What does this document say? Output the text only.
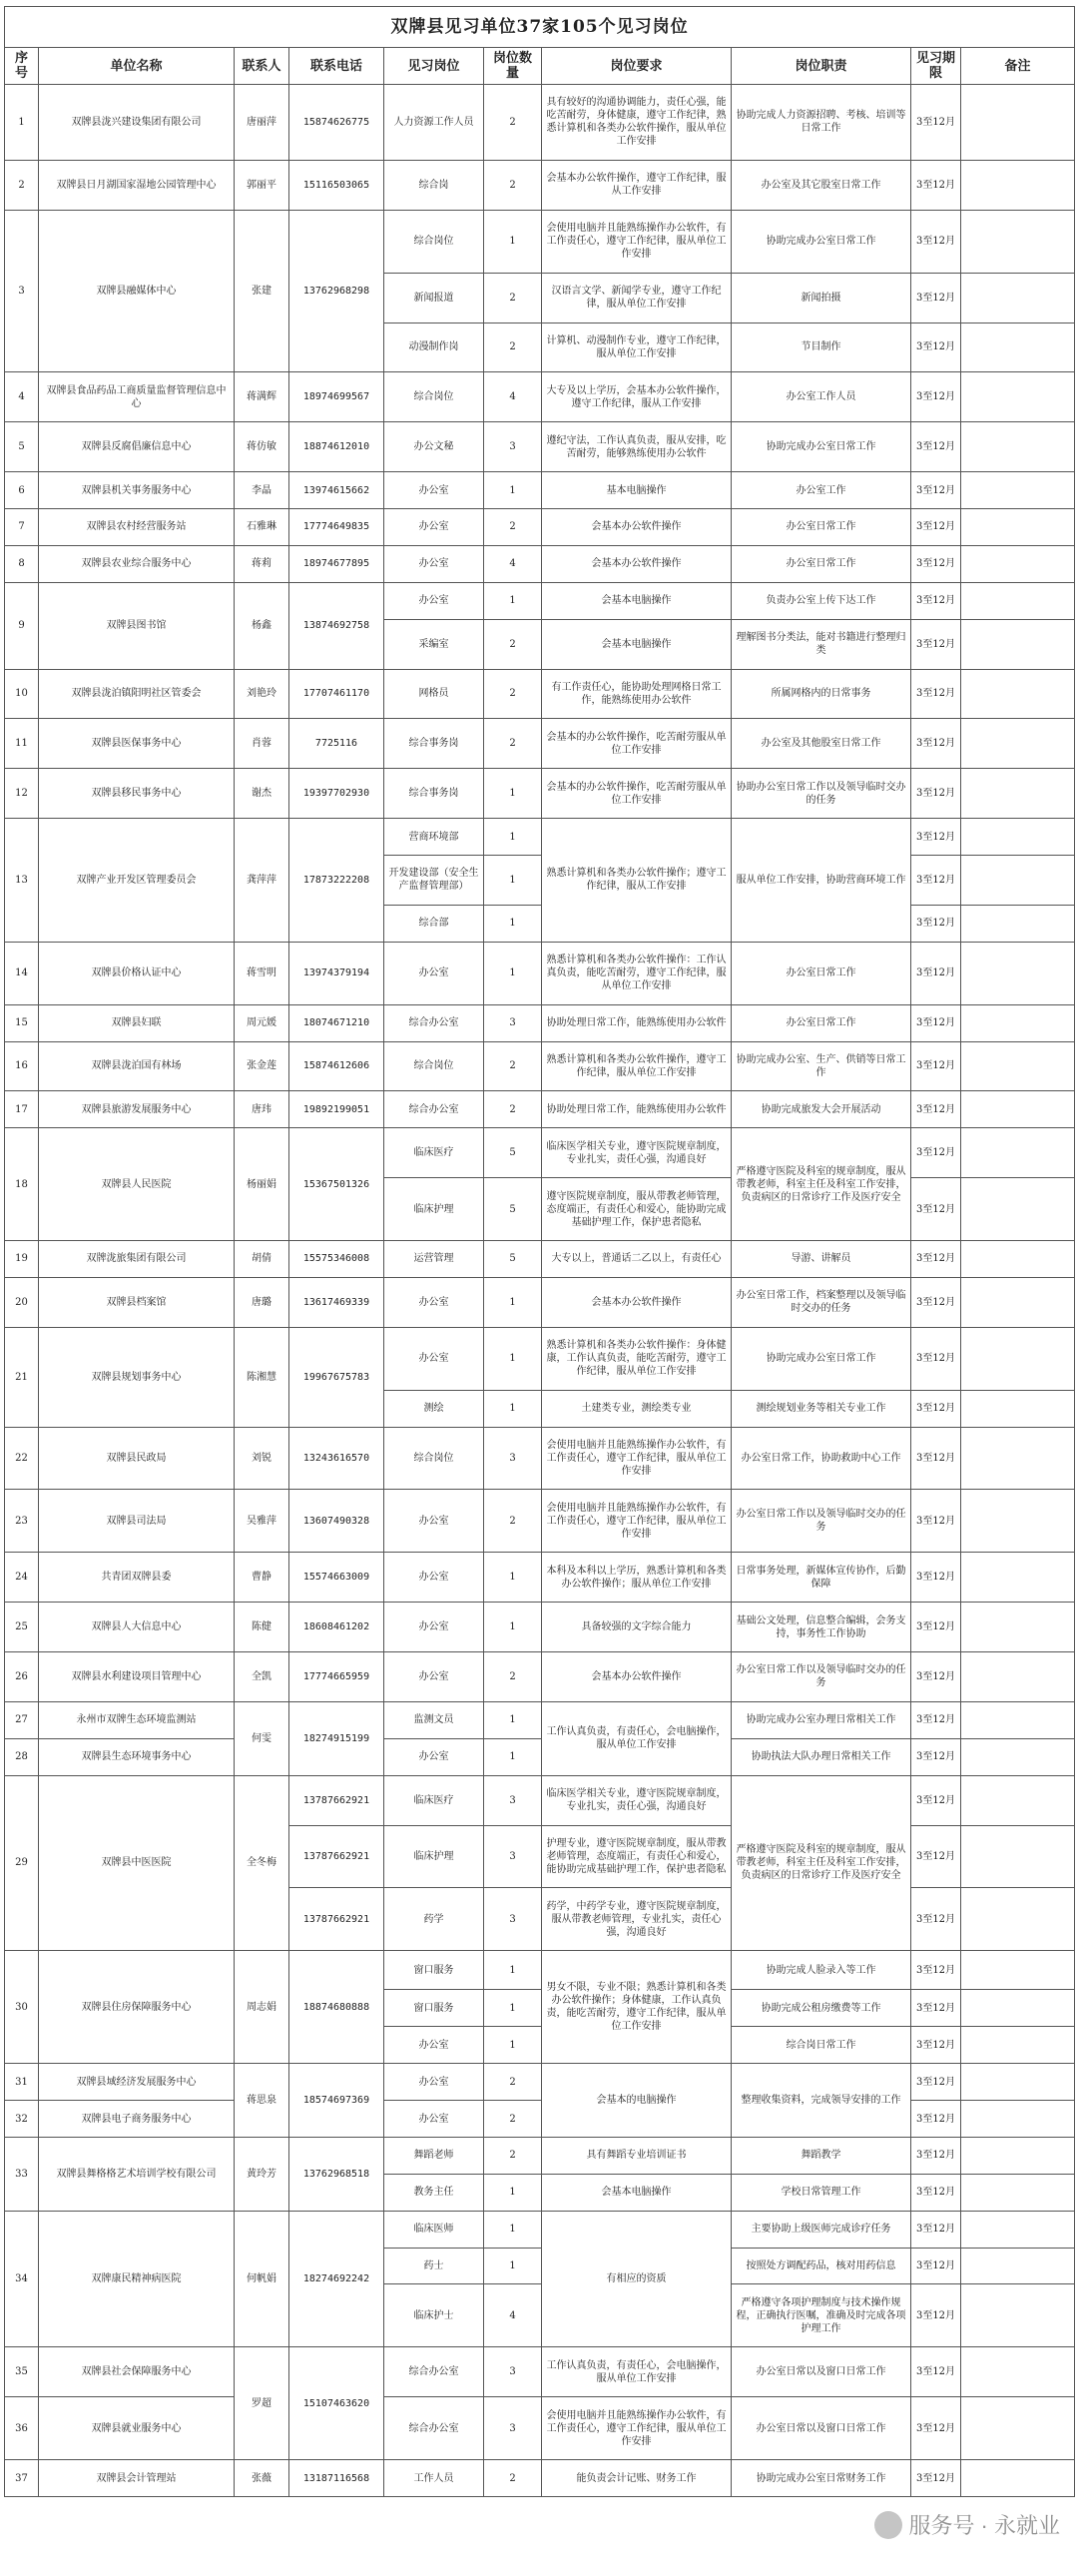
双牌县见习单位37家105个见习岗位									
序号	单位名称	联系人	联系电话	见习岗位	岗位数量	岗位要求	岗位职责	见习期限	备注
1	双牌县泷兴建设集团有限公司	唐丽萍	15874626775	人力资源工作人员	2	具有较好的沟通协调能力，责任心强，能吃苦耐劳，身体健康，遵守工作纪律，熟悉计算机和各类办公软件操作，服从单位工作安排	协助完成人力资源招聘、考核、培训等日常工作	3至12月	
2	双牌县日月湖国家湿地公园管理中心	郭丽平	15116503065	综合岗	2	会基本办公软件操作，遵守工作纪律，服从工作安排	办公室及其它股室日常工作	3至12月	
3	双牌县融媒体中心	张建	13762968298	综合岗位	1	会使用电脑并且能熟练操作办公软件，有工作责任心，遵守工作纪律，服从单位工作安排	协助完成办公室日常工作	3至12月	
				新闻报道	2	汉语言文学、新闻学专业，遵守工作纪律，服从单位工作安排	新闻拍摄	3至12月	
				动漫制作岗	2	计算机、动漫制作专业，遵守工作纪律，服从单位工作安排	节目制作	3至12月	
4	双牌县食品药品工商质量监督管理信息中心	蒋满辉	18974699567	综合岗位	4	大专及以上学历，会基本办公软件操作，遵守工作纪律，服从工作安排	办公室工作人员	3至12月	
5	双牌县反腐倡廉信息中心	蒋仿敏	18874612010	办公文秘	3	遵纪守法，工作认真负责，服从安排，吃苦耐劳，能够熟练使用办公软件	协助完成办公室日常工作	3至12月	
6	双牌县机关事务服务中心	李晶	13974615662	办公室	1	基本电脑操作	办公室工作	3至12月	
7	双牌县农村经营服务站	石雅琳	17774649835	办公室	2	会基本办公软件操作	办公室日常工作	3至12月	
8	双牌县农业综合服务中心	蒋莉	18974677895	办公室	4	会基本办公软件操作	办公室日常工作	3至12月	
9	双牌县图书馆	杨鑫	13874692758	办公室	1	会基本电脑操作	负责办公室上传下达工作	3至12月	
				采编室	2	会基本电脑操作	理解图书分类法，能对书籍进行整理归类	3至12月	
10	双牌县泷泊镇阳明社区管委会	刘艳玲	17707461170	网格员	2	有工作责任心，能协助处理网格日常工作，能熟练使用办公软件	所属网格内的日常事务	3至12月	
11	双牌县医保事务中心	肖蓉	7725116	综合事务岗	2	会基本的办公软件操作，吃苦耐劳服从单位工作安排	办公室及其他股室日常工作	3至12月	
12	双牌县移民事务中心	谢杰	19397702930	综合事务岗	1	会基本的办公软件操作，吃苦耐劳服从单位工作安排	协助办公室日常工作以及领导临时交办的任务	3至12月	
13	双牌产业开发区管理委员会	龚萍萍	17873222208	营商环境部	1	熟悉计算机和各类办公软件操作；遵守工作纪律，服从工作安排	服从单位工作安排，协助营商环境工作	3至12月	
				开发建设部（安全生产监督管理部）	1			3至12月	
				综合部	1			3至12月	
14	双牌县价格认证中心	蒋雪明	13974379194	办公室	1	熟悉计算机和各类办公软件操作：工作认真负责，能吃苦耐劳，遵守工作纪律，服从单位工作安排	办公室日常工作	3至12月	
15	双牌县妇联	周元媛	18074671210	综合办公室	3	协助处理日常工作，能熟练使用办公软件	办公室日常工作	3至12月	
16	双牌县泷泊国有林场	张金莲	15874612606	综合岗位	2	熟悉计算机和各类办公软件操作，遵守工作纪律，服从单位工作安排	协助完成办公室、生产、供销等日常工作	3至12月	
17	双牌县旅游发展服务中心	唐玮	19892199051	综合办公室	2	协助处理日常工作，能熟练使用办公软件	协助完成旅发大会开展活动	3至12月	
18	双牌县人民医院	杨丽娟	15367501326	临床医疗	5	临床医学相关专业，遵守医院规章制度，专业扎实，责任心强，沟通良好	严格遵守医院及科室的规章制度，服从带教老师，科室主任及科室工作安排，负责病区的日常诊疗工作及医疗安全	3至12月	
				临床护理	5	遵守医院规章制度，服从带教老师管理，态度端正，有责任心和爱心，能协助完成基础护理工作，保护患者隐私		3至12月	
19	双牌泷旅集团有限公司	胡倩	15575346008	运营管理	5	大专以上，普通话二乙以上，有责任心	导游、讲解员	3至12月	
20	双牌县档案馆	唐璐	13617469339	办公室	1	会基本办公软件操作	办公室日常工作，档案整理以及领导临时交办的任务	3至12月	
21	双牌县规划事务中心	陈湘慧	19967675783	办公室	1	熟悉计算机和各类办公软件操作：身体健康，工作认真负责，能吃苦耐劳，遵守工作纪律，服从单位工作安排	协助完成办公室日常工作	3至12月	
				测绘	1	土建类专业，测绘类专业	测绘规划业务等相关专业工作	3至12月	
22	双牌县民政局	刘锐	13243616570	综合岗位	3	会使用电脑并且能熟练操作办公软件，有工作责任心，遵守工作纪律，服从单位工作安排	办公室日常工作，协助救助中心工作	3至12月	
23	双牌县司法局	吴雅萍	13607490328	办公室	2	会使用电脑并且能熟练操作办公软件，有工作责任心，遵守工作纪律，服从单位工作安排	办公室日常工作以及领导临时交办的任务	3至12月	
24	共青团双牌县委	曹静	15574663009	办公室	1	本科及本科以上学历，熟悉计算机和各类办公软件操作；服从单位工作安排	日常事务处理，新媒体宣传协作，后勤保障	3至12月	
25	双牌县人大信息中心	陈健	18608461202	办公室	1	具备较强的文字综合能力	基础公文处理，信息整合编辑，会务支持，事务性工作协助	3至12月	
26	双牌县水利建设项目管理中心	全凯	17774665959	办公室	2	会基本办公软件操作	办公室日常工作以及领导临时交办的任务	3至12月	
27	永州市双牌生态环境监测站	何雯	18274915199	监测文员	1	工作认真负责，有责任心，会电脑操作，服从单位工作安排	协助完成办公室办理日常相关工作	3至12月	
28	双牌县生态环境事务中心			办公室	1		协助执法大队办理日常相关工作	3至12月	
29	双牌县中医医院	全冬梅	13787662921	临床医疗	3	临床医学相关专业，遵守医院规章制度，专业扎实，责任心强，沟通良好	严格遵守医院及科室的规章制度，服从带教老师，科室主任及科室工作安排，负责病区的日常诊疗工作及医疗安全	3至12月	
			13787662921	临床护理	3	护理专业，遵守医院规章制度，服从带教老师管理，态度端正，有责任心和爱心，能协助完成基础护理工作，保护患者隐私		3至12月	
			13787662921	药学	3	药学，中药学专业，遵守医院规章制度，服从带教老师管理，专业扎实，责任心强，沟通良好		3至12月	
30	双牌县住房保障服务中心	周志娟	18874680888	窗口服务	1	男女不限，专业不限；熟悉计算机和各类办公软件操作；身体健康，工作认真负责，能吃苦耐劳，遵守工作纪律，服从单位工作安排	协助完成人脸录入等工作	3至12月	
				窗口服务	1		协助完成公租房缴费等工作	3至12月	
				办公室	1		综合岗日常工作	3至12月	
31	双牌县域经济发展服务中心	蒋思泉	18574697369	办公室	2	会基本的电脑操作	整理收集资料，完成领导安排的工作	3至12月	
32	双牌县电子商务服务中心			办公室	2			3至12月	
33	双牌县舞格格艺术培训学校有限公司	黄玲芳	13762968518	舞蹈老师	2	具有舞蹈专业培训证书	舞蹈教学	3至12月	
				教务主任	1	会基本电脑操作	学校日常管理工作	3至12月	
34	双牌康民精神病医院	何帆娟	18274692242	临床医师	1	有相应的资质	主要协助上级医师完成诊疗任务	3至12月	
				药士	1		按照处方调配药品，核对用药信息	3至12月	
				临床护士	4		严格遵守各项护理制度与技术操作规程，正确执行医嘱，准确及时完成各项护理工作	3至12月	
35	双牌县社会保障服务中心	罗超	15107463620	综合办公室	3	工作认真负责，有责任心，会电脑操作，服从单位工作安排	办公室日常以及窗口日常工作	3至12月	
36	双牌县就业服务中心			综合办公室	3	会使用电脑并且能熟练操作办公软件，有工作责任心，遵守工作纪律，服从单位工作安排	办公室日常以及窗口日常工作	3至12月	
37	双牌县会计管理站	张薇	13187116568	工作人员	2	能负责会计记账、财务工作	协助完成办公室日常财务工作	3至12月	
服务号 · 永就业
